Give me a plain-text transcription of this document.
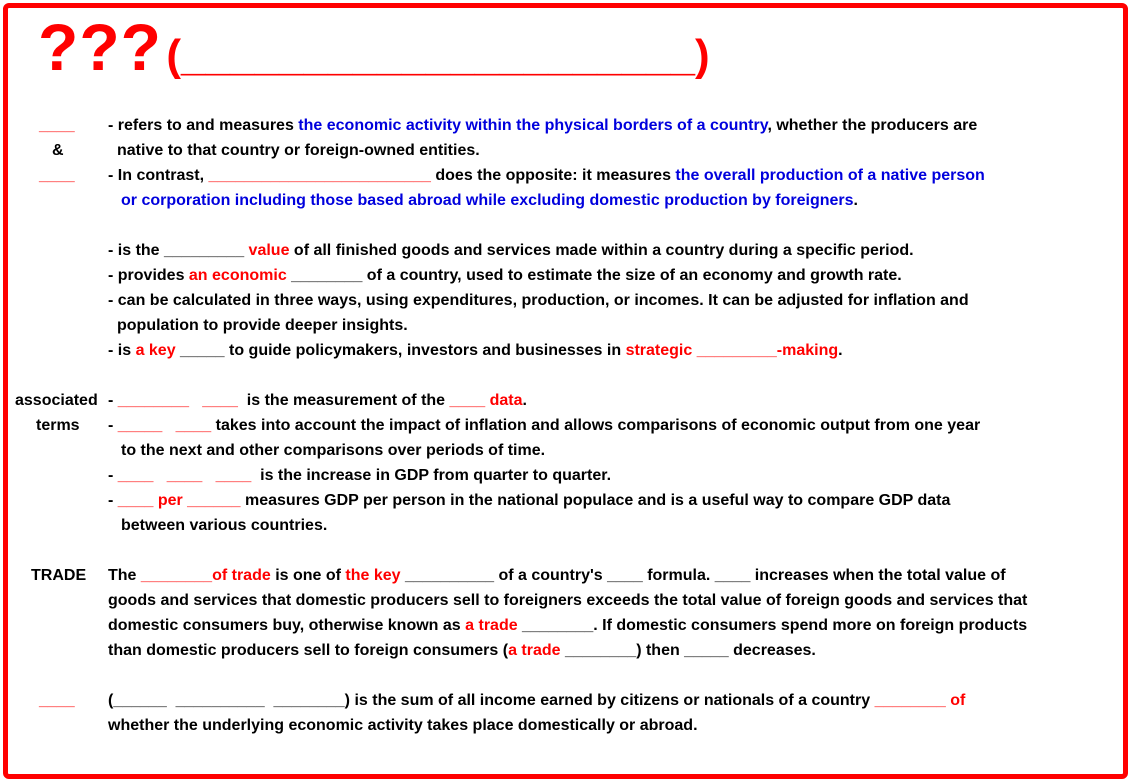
??? (_____________________)
____
&
____
associated
terms
TRADE
____
- refers to and measures the economic activity within the physical borders of a country, whether the producers are
native to that country or foreign-owned entities.
- In contrast, _________________________ does the opposite: it measures the overall production of a native person
or corporation including those based abroad while excluding domestic production by foreigners.
- is the _________ value of all finished goods and services made within a country during a specific period.
- provides an economic ________ of a country, used to estimate the size of an economy and growth rate.
- can be calculated in three ways, using expenditures, production, or incomes. It can be adjusted for inflation and
population to provide deeper insights.
- is a key _____ to guide policymakers, investors and businesses in strategic _________-making.
- ________   ____  is the measurement of the ____ data.
- _____   ____ takes into account the impact of inflation and allows comparisons of economic output from one year
to the next and other comparisons over periods of time.
- ____   ____   ____  is the increase in GDP from quarter to quarter.
- ____ per ______ measures GDP per person in the national populace and is a useful way to compare GDP data
between various countries.
The ________of trade is one of the key __________ of a country's ____ formula. ____ increases when the total value of
goods and services that domestic producers sell to foreigners exceeds the total value of foreign goods and services that
domestic consumers buy, otherwise known as a trade ________. If domestic consumers spend more on foreign products
than domestic producers sell to foreign consumers (a trade ________) then _____ decreases.
(______  __________  ________) is the sum of all income earned by citizens or nationals of a country ________ of
whether the underlying economic activity takes place domestically or abroad.
